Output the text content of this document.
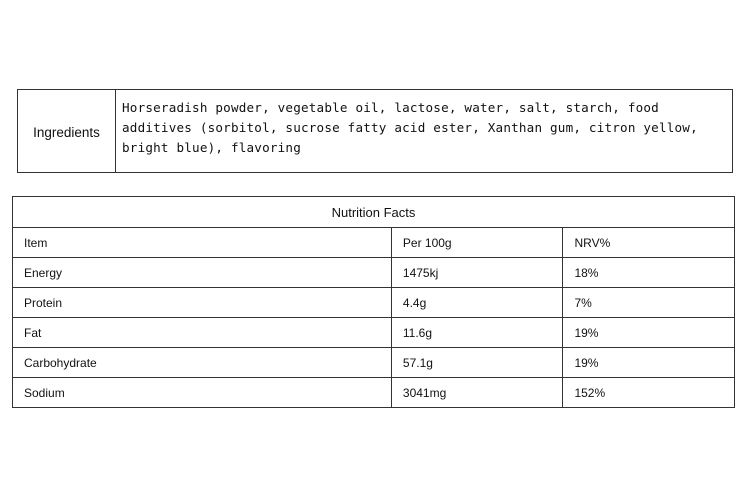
Ingredients
Horseradish powder, vegetable oil, lactose, water, salt, starch, food additives (sorbitol, sucrose fatty acid ester, Xanthan gum, citron yellow, bright blue), flavoring
Nutrition Facts		
Item	Per 100g	NRV%
Energy	1475kj	18%
Protein	4.4g	7%
Fat	11.6g	19%
Carbohydrate	57.1g	19%
Sodium	3041mg	152%
